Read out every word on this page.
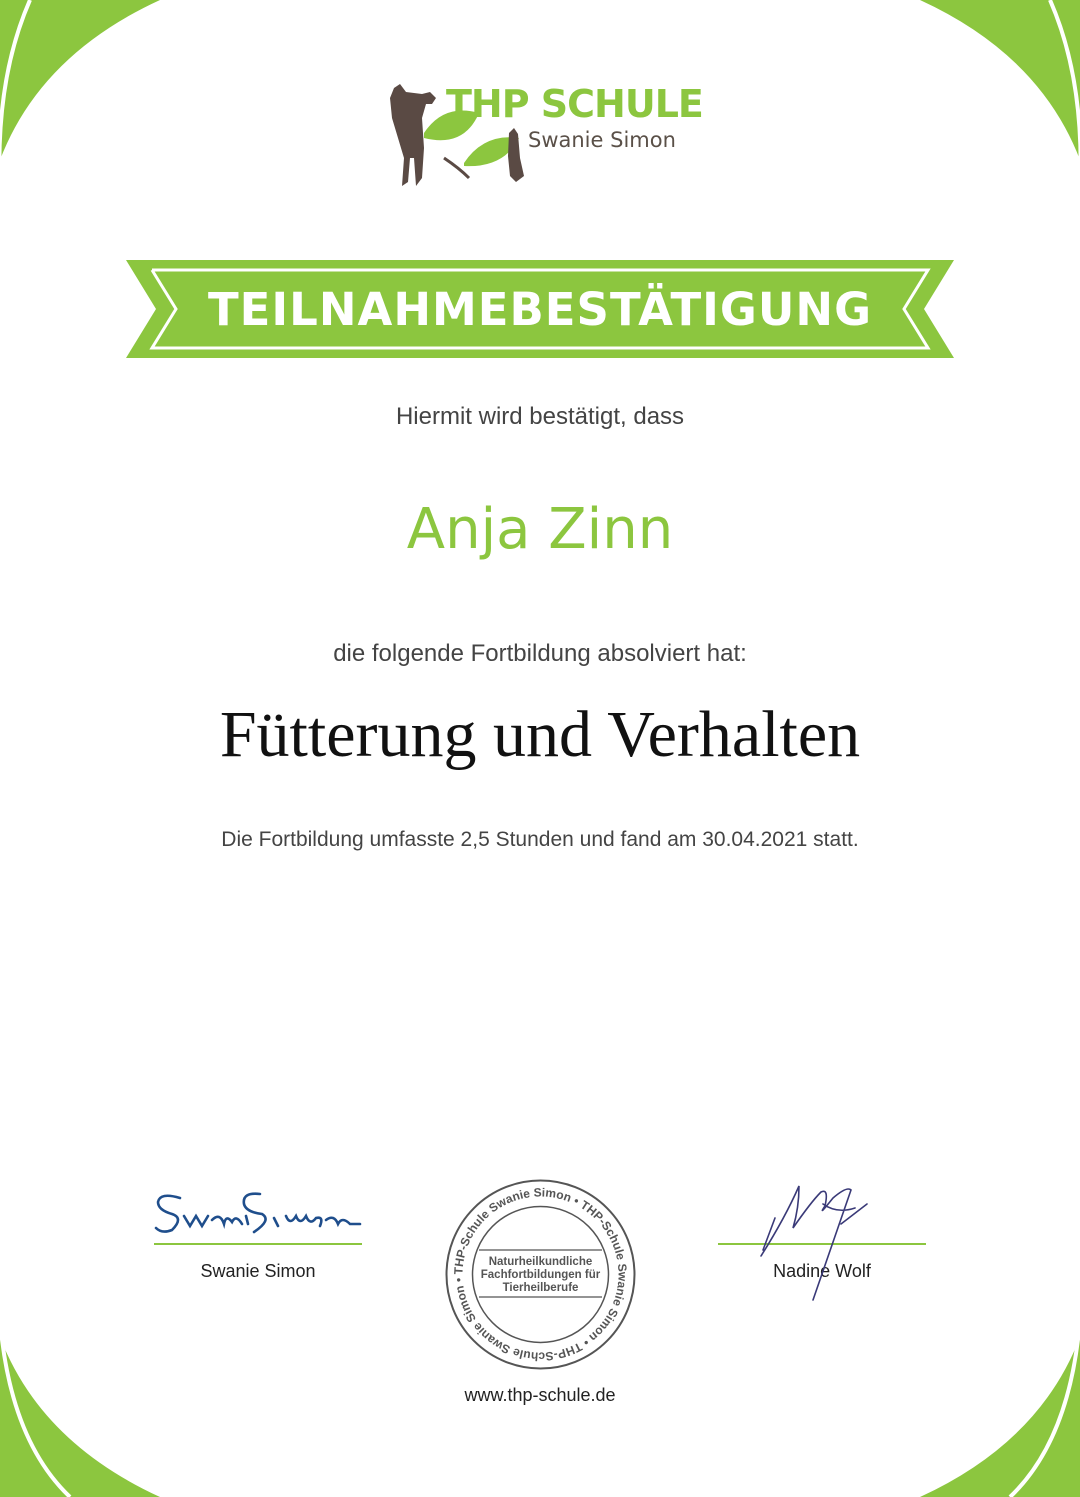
THP SCHULE
Swanie Simon
TEILNAHMEBESTÄTIGUNG
Hiermit wird bestätigt, dass
Anja Zinn
die folgende Fortbildung absolviert hat:
Fütterung und Verhalten
Die Fortbildung umfasste 2,5 Stunden und fand am 30.04.2021 statt.
Swanie Simon	THP-Schule Swanie Simon • THP-Schule Swanie Simon • THP-Schule Swanie Simon •
Naturheilkundliche
Fachfortbildungen für
Tierheilberufe
Nadine Wolf
www.thp-schule.de
